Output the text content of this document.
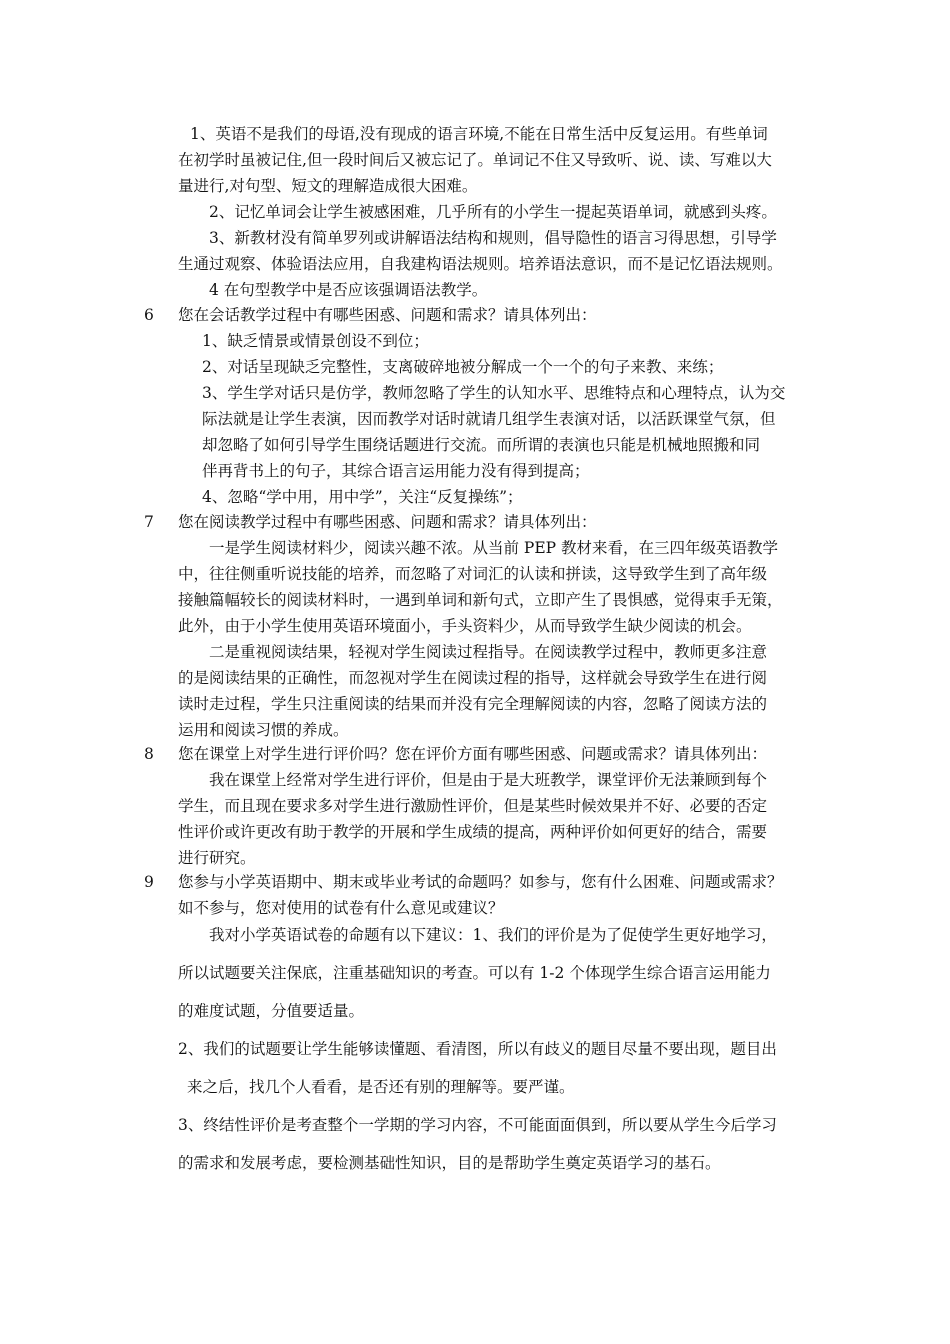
1、英语不是我们的母语,没有现成的语言环境,不能在日常生活中反复运用。有些单词
在初学时虽被记住,但一段时间后又被忘记了。单词记不住又导致听、说、读、写难以大
量进行,对句型、短文的理解造成很大困难。
2、记忆单词会让学生被感困难，几乎所有的小学生一提起英语单词，就感到头疼。
3、新教材没有简单罗列或讲解语法结构和规则，倡导隐性的语言习得思想，引导学
生通过观察、体验语法应用，自我建构语法规则。培养语法意识，而不是记忆语法规则。
4 在句型教学中是否应该强调语法教学。
6 您在会话教学过程中有哪些困惑、问题和需求？请具体列出：
1、缺乏情景或情景创设不到位；
2、对话呈现缺乏完整性，支离破碎地被分解成一个一个的句子来教、来练；
3、学生学对话只是仿学，教师忽略了学生的认知水平、思维特点和心理特点，认为交
际法就是让学生表演，因而教学对话时就请几组学生表演对话，以活跃课堂气氛，但
却忽略了如何引导学生围绕话题进行交流。而所谓的表演也只能是机械地照搬和同
伴再背书上的句子，其综合语言运用能力没有得到提高；
4、忽略“学中用，用中学”，关注“反复操练”；
7 您在阅读教学过程中有哪些困惑、问题和需求？请具体列出：
一是学生阅读材料少，阅读兴趣不浓。从当前 PEP 教材来看，在三四年级英语教学
中，往往侧重听说技能的培养，而忽略了对词汇的认读和拼读，这导致学生到了高年级
接触篇幅较长的阅读材料时，一遇到单词和新句式，立即产生了畏惧感，觉得束手无策，
此外，由于小学生使用英语环境面小，手头资料少，从而导致学生缺少阅读的机会。
二是重视阅读结果，轻视对学生阅读过程指导。在阅读教学过程中，教师更多注意
的是阅读结果的正确性，而忽视对学生在阅读过程的指导，这样就会导致学生在进行阅
读时走过程，学生只注重阅读的结果而并没有完全理解阅读的内容，忽略了阅读方法的
运用和阅读习惯的养成。
8 您在课堂上对学生进行评价吗？您在评价方面有哪些困惑、问题或需求？请具体列出：
我在课堂上经常对学生进行评价，但是由于是大班教学，课堂评价无法兼顾到每个
学生，而且现在要求多对学生进行激励性评价，但是某些时候效果并不好、必要的否定
性评价或许更改有助于教学的开展和学生成绩的提高，两种评价如何更好的结合，需要
进行研究。
9 您参与小学英语期中、期末或毕业考试的命题吗？如参与，您有什么困难、问题或需求？
如不参与，您对使用的试卷有什么意见或建议？
我对小学英语试卷的命题有以下建议：1、我们的评价是为了促使学生更好地学习，
所以试题要关注保底，注重基础知识的考查。可以有 1-2 个体现学生综合语言运用能力
的难度试题，分值要适量。
2、我们的试题要让学生能够读懂题、看清图，所以有歧义的题目尽量不要出现，题目出
来之后，找几个人看看，是否还有别的理解等。要严谨。
3、终结性评价是考查整个一学期的学习内容，不可能面面俱到，所以要从学生今后学习
的需求和发展考虑，要检测基础性知识，目的是帮助学生奠定英语学习的基石。
